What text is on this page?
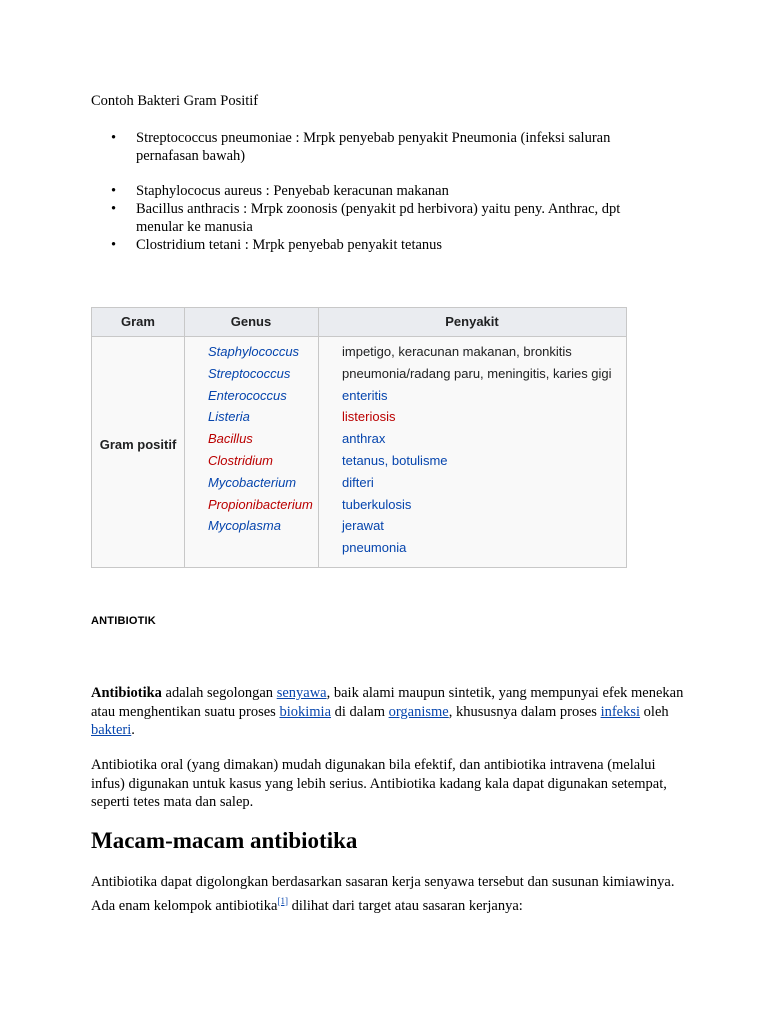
Contoh Bakteri Gram Positif
• Streptococcus pneumoniae : Mrpk penyebab penyakit Pneumonia (infeksi saluran pernafasan bawah)
• Staphylococus aureus : Penyebab keracunan makanan
• Bacillus anthracis : Mrpk zoonosis (penyakit pd herbivora) yaitu peny. Anthrac, dpt menular ke manusia
• Clostridium tetani : Mrpk penyebab penyakit tetanus
Gram	Genus	Penyakit
Gram positif
Staphylococcus
Streptococcus
Enterococcus
Listeria
Bacillus
Clostridium
Mycobacterium
Propionibacterium
Mycoplasma
impetigo, keracunan makanan, bronkitis
pneumonia/radang paru, meningitis, karies gigi
enteritis
listeriosis
anthrax
tetanus, botulisme
difteri
tuberkulosis
jerawat
pneumonia
ANTIBIOTIK
Antibiotika adalah segolongan senyawa, baik alami maupun sintetik, yang mempunyai efek menekan atau menghentikan suatu proses biokimia di dalam organisme, khususnya dalam proses infeksi oleh bakteri.
Antibiotika oral (yang dimakan) mudah digunakan bila efektif, dan antibiotika intravena (melalui infus) digunakan untuk kasus yang lebih serius. Antibiotika kadang kala dapat digunakan setempat, seperti tetes mata dan salep.
Macam-macam antibiotika
Antibiotika dapat digolongkan berdasarkan sasaran kerja senyawa tersebut dan susunan kimiawinya. Ada enam kelompok antibiotika[1] dilihat dari target atau sasaran kerjanya:
